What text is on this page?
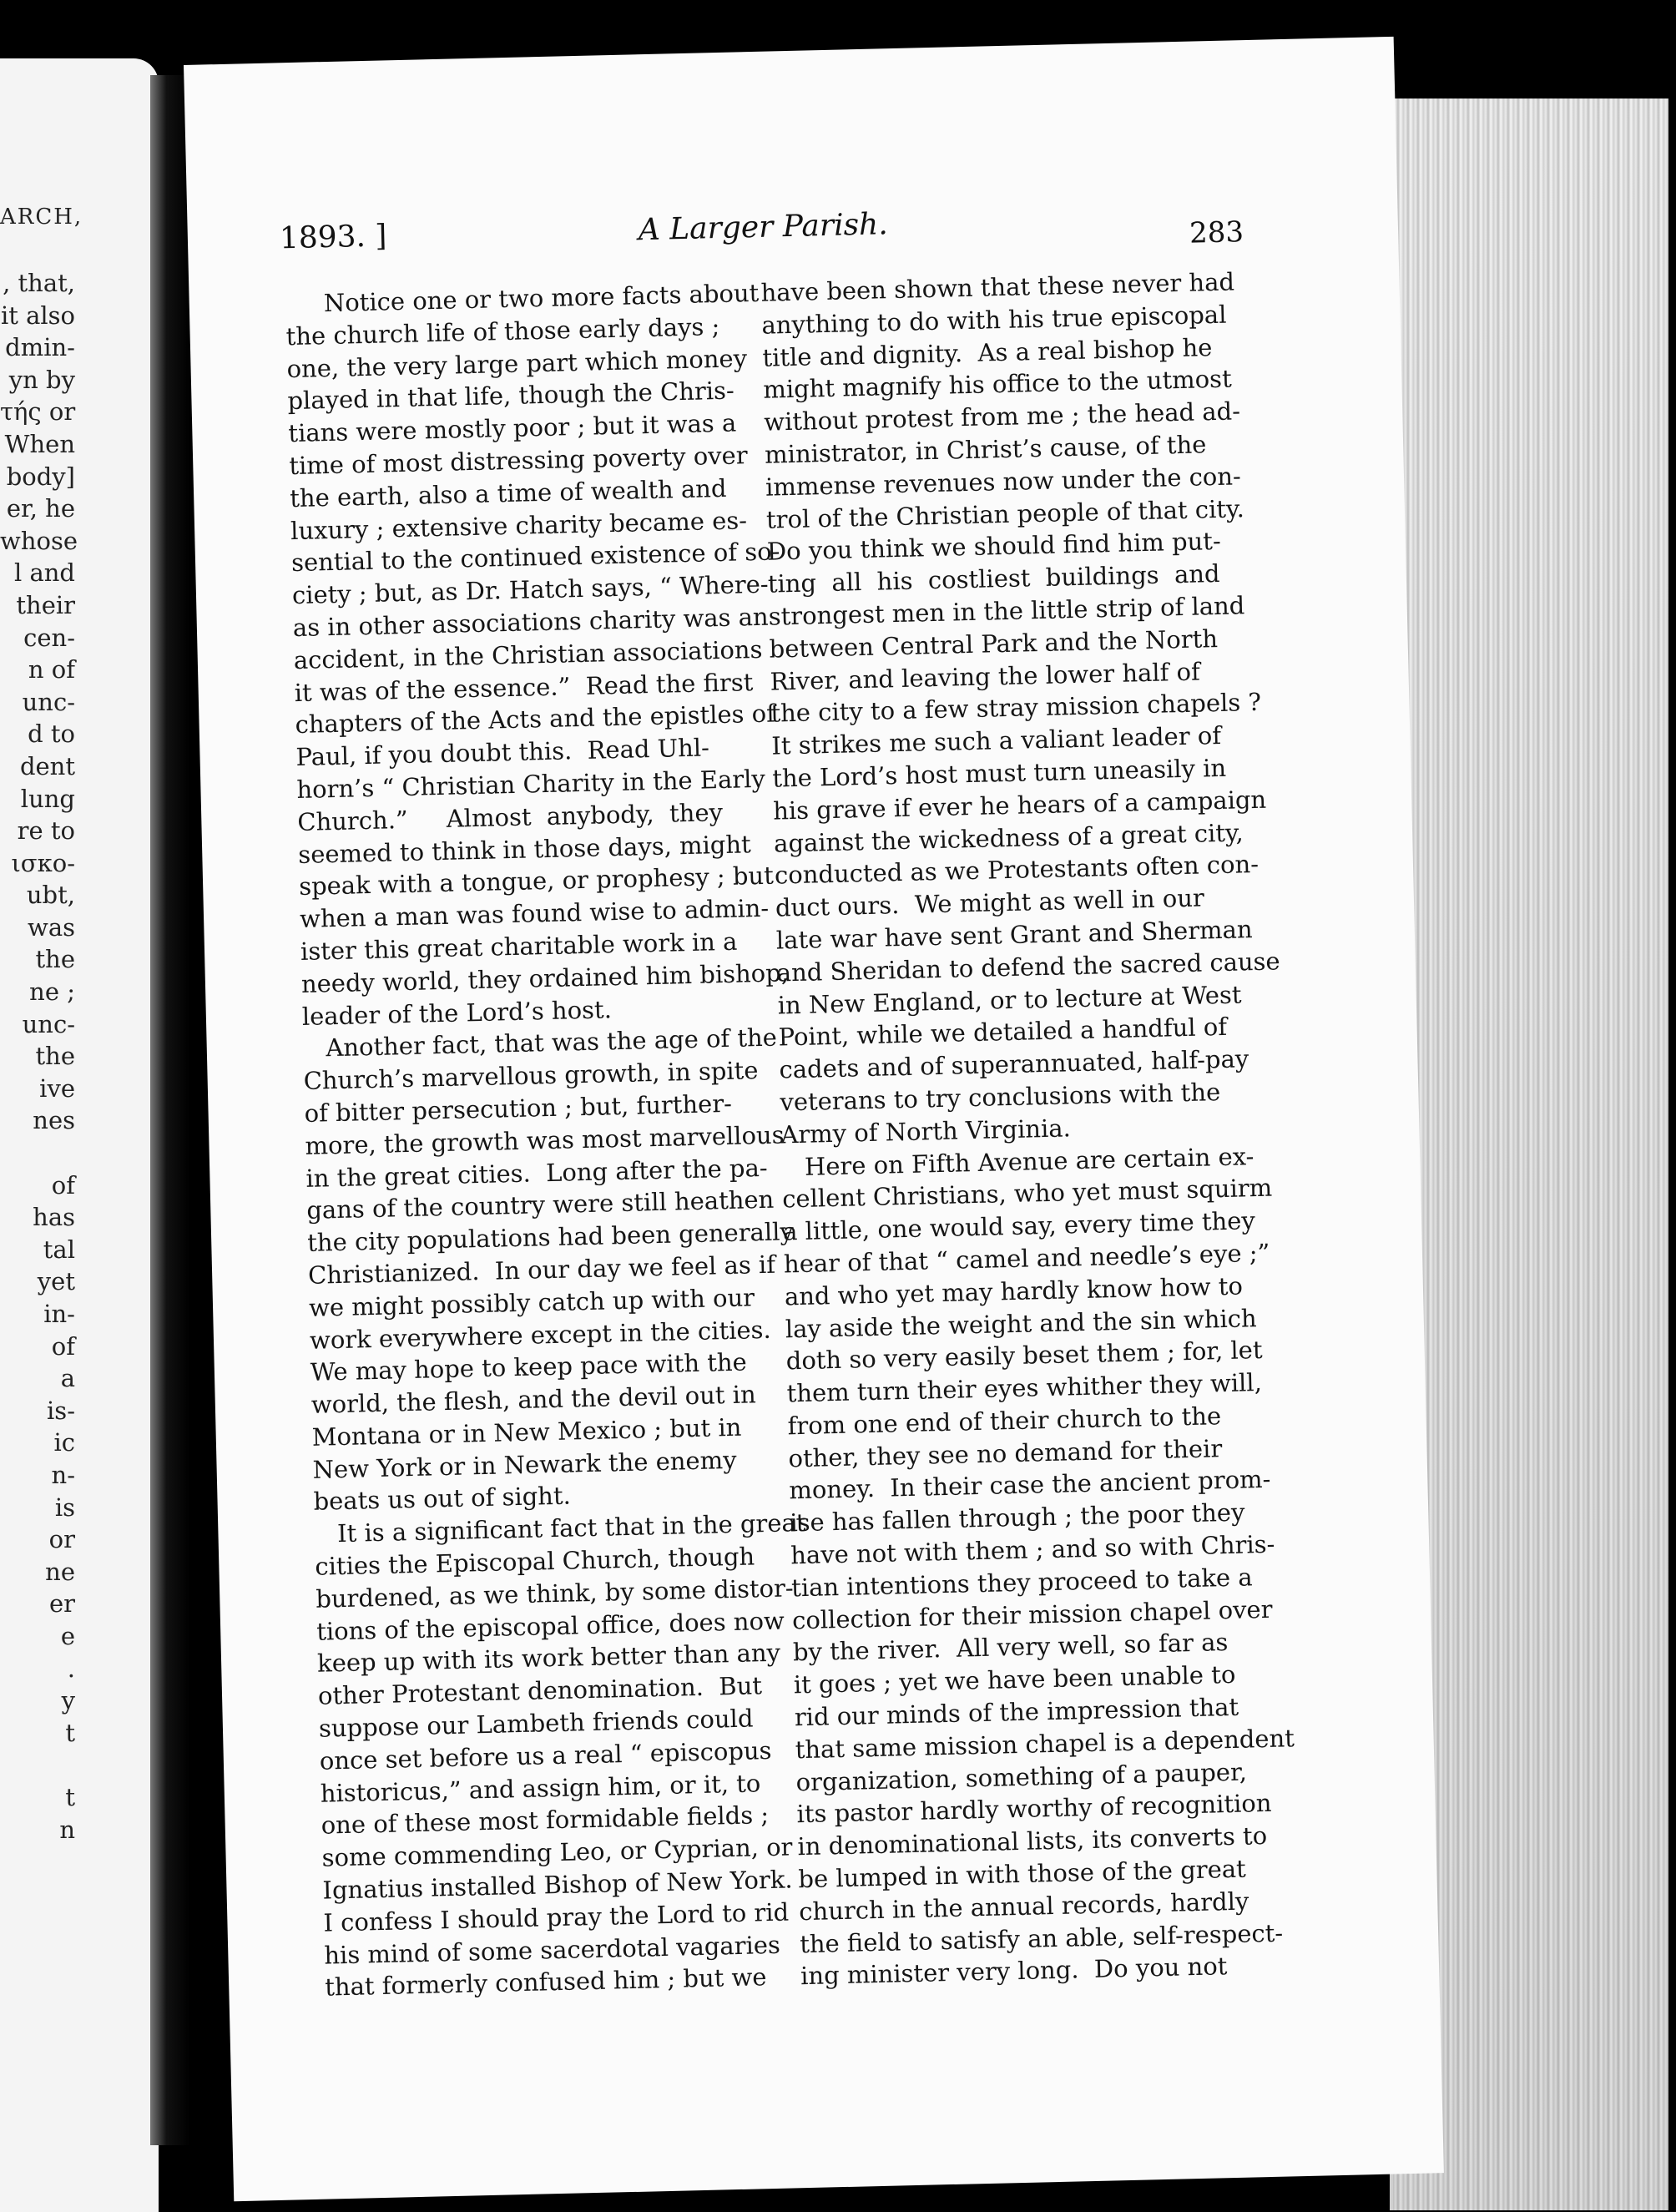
ARCH,
, that,
it also
dmin-
yn by
τής or
When
body]
er, he
whose
l and
their
cen-
n of
unc-
d to
dent
lung
re to
ισκο-
ubt,
was
the
ne ;
unc-
the
ive
nes

of
has
tal
yet
in-
of
a
is-
ic
n-
is
or
ne
er
e
.
y
t

t
n
1893. ]	A Larger Parish.	283
Notice one or two more facts about
the church life of those early days ;
one, the very large part which money
played in that life, though the Chris-
tians were mostly poor ; but it was a
time of most distressing poverty over
the earth, also a time of wealth and
luxury ; extensive charity became es-
sential to the continued existence of so-
ciety ; but, as Dr. Hatch says, “ Where-
as in other associations charity was an
accident, in the Christian associations
it was of the essence.”  Read the first
chapters of the Acts and the epistles of
Paul, if you doubt this.  Read Uhl-
horn’s “ Christian Charity in the Early
Church.”     Almost  anybody,  they
seemed to think in those days, might
speak with a tongue, or prophesy ; but
when a man was found wise to admin-
ister this great charitable work in a
needy world, they ordained him bishop,
leader of the Lord’s host.
Another fact, that was the age of the
Church’s marvellous growth, in spite
of bitter persecution ; but, further-
more, the growth was most marvellous
in the great cities.  Long after the pa-
gans of the country were still heathen
the city populations had been generally
Christianized.  In our day we feel as if
we might possibly catch up with our
work everywhere except in the cities.
We may hope to keep pace with the
world, the flesh, and the devil out in
Montana or in New Mexico ; but in
New York or in Newark the enemy
beats us out of sight.
It is a significant fact that in the great
cities the Episcopal Church, though
burdened, as we think, by some distor-
tions of the episcopal office, does now
keep up with its work better than any
other Protestant denomination.  But
suppose our Lambeth friends could
once set before us a real “ episcopus
historicus,” and assign him, or it, to
one of these most formidable fields ;
some commending Leo, or Cyprian, or
Ignatius installed Bishop of New York.
I confess I should pray the Lord to rid
his mind of some sacerdotal vagaries
that formerly confused him ; but we
have been shown that these never had
anything to do with his true episcopal
title and dignity.  As a real bishop he
might magnify his office to the utmost
without protest from me ; the head ad-
ministrator, in Christ’s cause, of the
immense revenues now under the con-
trol of the Christian people of that city.
Do you think we should find him put-
ting  all  his  costliest  buildings  and
strongest men in the little strip of land
between Central Park and the North
River, and leaving the lower half of
the city to a few stray mission chapels ?
It strikes me such a valiant leader of
the Lord’s host must turn uneasily in
his grave if ever he hears of a campaign
against the wickedness of a great city,
conducted as we Protestants often con-
duct ours.  We might as well in our
late war have sent Grant and Sherman
and Sheridan to defend the sacred cause
in New England, or to lecture at West
Point, while we detailed a handful of
cadets and of superannuated, half-pay
veterans to try conclusions with the
Army of North Virginia.
Here on Fifth Avenue are certain ex-
cellent Christians, who yet must squirm
a little, one would say, every time they
hear of that “ camel and needle’s eye ;”
and who yet may hardly know how to
lay aside the weight and the sin which
doth so very easily beset them ; for, let
them turn their eyes whither they will,
from one end of their church to the
other, they see no demand for their
money.  In their case the ancient prom-
ise has fallen through ; the poor they
have not with them ; and so with Chris-
tian intentions they proceed to take a
collection for their mission chapel over
by the river.  All very well, so far as
it goes ; yet we have been unable to
rid our minds of the impression that
that same mission chapel is a dependent
organization, something of a pauper,
its pastor hardly worthy of recognition
in denominational lists, its converts to
be lumped in with those of the great
church in the annual records, hardly
the field to satisfy an able, self-respect-
ing minister very long.  Do you not
